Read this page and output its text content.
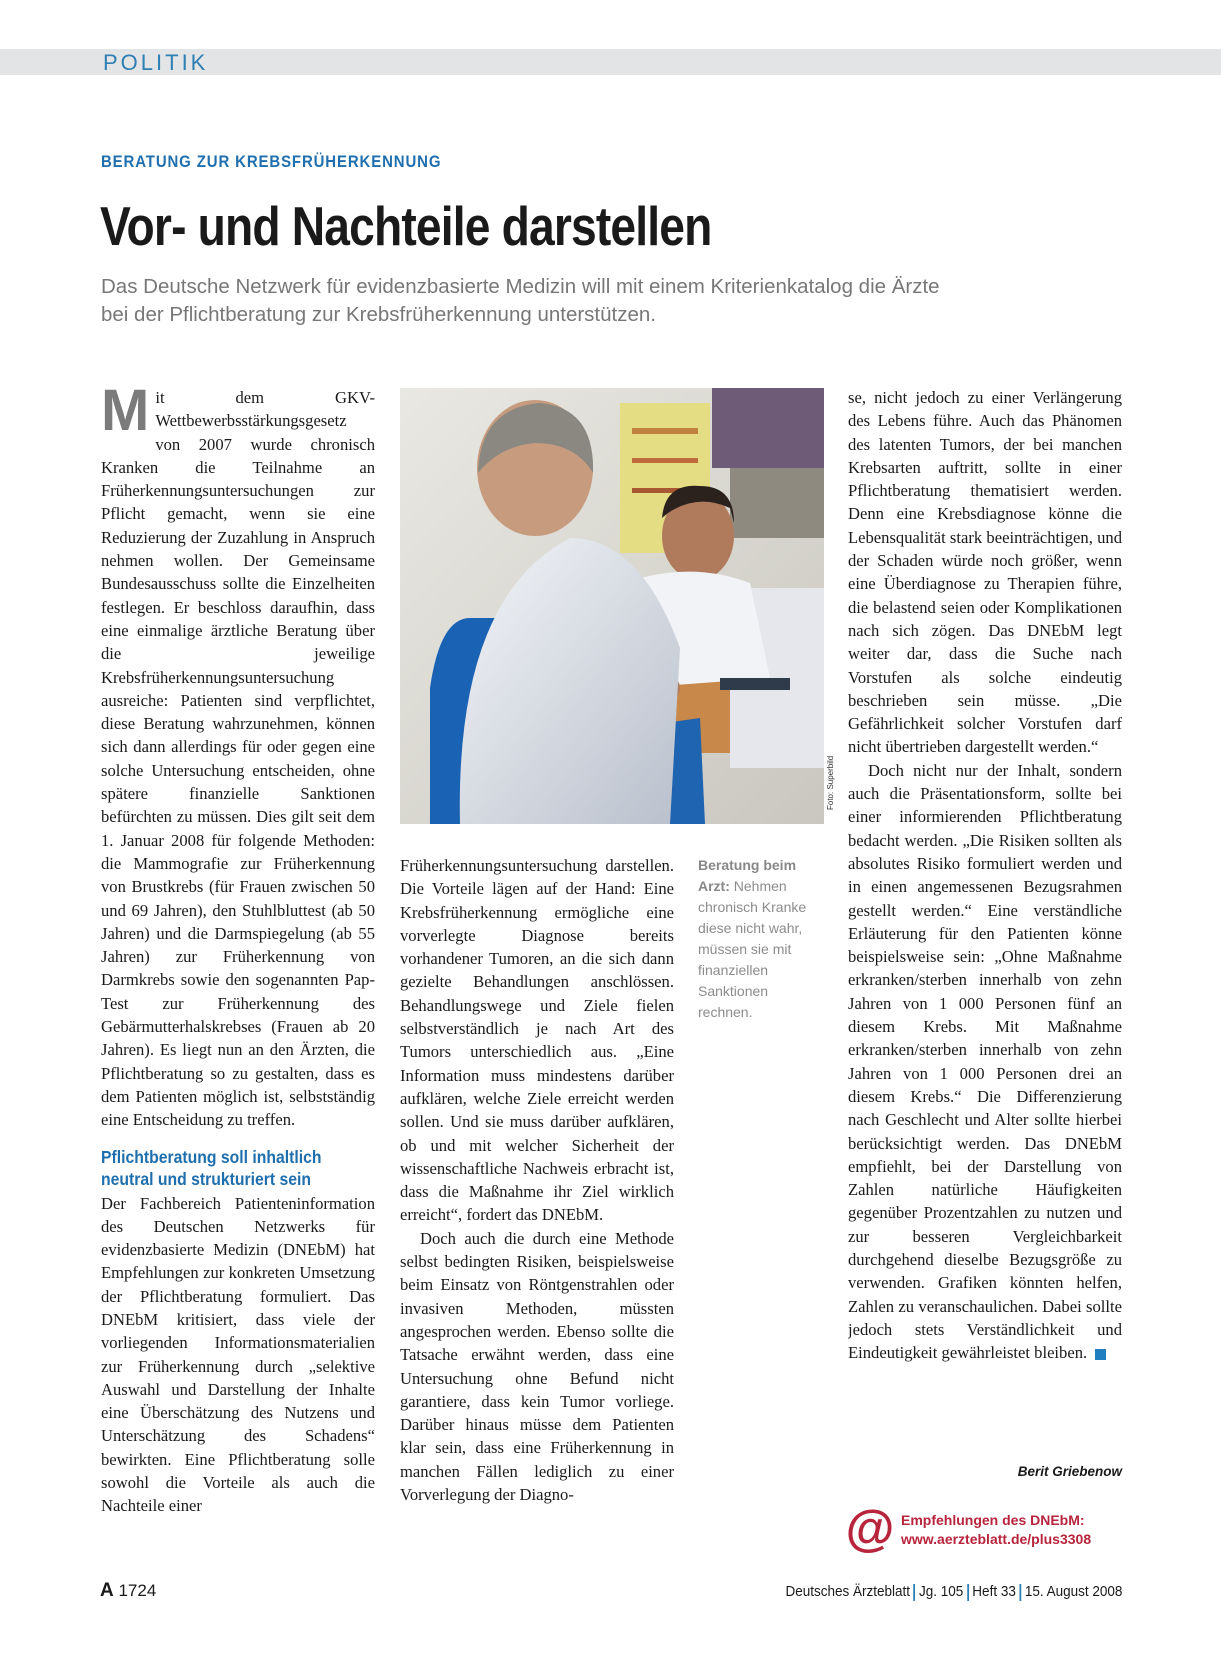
POLITIK
BERATUNG ZUR KREBSFRÜHERKENNUNG
Vor- und Nachteile darstellen
Das Deutsche Netzwerk für evidenzbasierte Medizin will mit einem Kriterienkatalog die Ärzte bei der Pflichtberatung zur Krebsfrüherkennung unterstützen.
M it dem GKV-Wettbewerbsstärkungsgesetz von 2007 wurde chronisch Kranken die Teilnahme an Früherkennungsuntersuchungen zur Pflicht gemacht, wenn sie eine Reduzierung der Zuzahlung in Anspruch nehmen wollen. Der Gemeinsame Bundesausschuss sollte die Einzelheiten festlegen. Er beschloss daraufhin, dass eine einmalige ärztliche Beratung über die jeweilige Krebsfrüherkennungsuntersuchung ausreiche: Patienten sind verpflichtet, diese Beratung wahrzunehmen, können sich dann allerdings für oder gegen eine solche Untersuchung entscheiden, ohne spätere finanzielle Sanktionen befürchten zu müssen. Dies gilt seit dem 1. Januar 2008 für folgende Methoden: die Mammografie zur Früherkennung von Brustkrebs (für Frauen zwischen 50 und 69 Jahren), den Stuhlbluttest (ab 50 Jahren) und die Darmspiegelung (ab 55 Jahren) zur Früherkennung von Darmkrebs sowie den sogenannten Pap-Test zur Früherkennung des Gebärmutterhalskrebses (Frauen ab 20 Jahren). Es liegt nun an den Ärzten, die Pflichtberatung so zu gestalten, dass es dem Patienten möglich ist, selbstständig eine Entscheidung zu treffen.

Pflichtberatung soll inhaltlich neutral und strukturiert sein

Der Fachbereich Patienteninformation des Deutschen Netzwerks für evidenzbasierte Medizin (DNEbM) hat Empfehlungen zur konkreten Umsetzung der Pflichtberatung formuliert. Das DNEbM kritisiert, dass viele der vorliegenden Informationsmaterialien zur Früherkennung durch „selektive Auswahl und Darstellung der Inhalte eine Überschätzung des Nutzens und Unterschätzung des Schadens“ bewirkten. Eine Pflichtberatung solle sowohl die Vorteile als auch die Nachteile einer

Foto: Superbild
Beratung beim Arzt: Nehmen chronisch Kranke diese nicht wahr, müssen sie mit finanziellen Sanktionen rechnen.

Früherkennungsuntersuchung darstellen. Die Vorteile lägen auf der Hand: Eine Krebsfrüherkennung ermögliche eine vorverlegte Diagnose bereits vorhandener Tumoren, an die sich dann gezielte Behandlungen anschlössen. Behandlungswege und Ziele fielen selbstverständlich je nach Art des Tumors unterschiedlich aus. „Eine Information muss mindestens darüber aufklären, welche Ziele erreicht werden sollen. Und sie muss darüber aufklären, ob und mit welcher Sicherheit der wissenschaftliche Nachweis erbracht ist, dass die Maßnahme ihr Ziel wirklich erreicht“, fordert das DNEbM.

Doch auch die durch eine Methode selbst bedingten Risiken, beispielsweise beim Einsatz von Röntgenstrahlen oder invasiven Methoden, müssten angesprochen werden. Ebenso sollte die Tatsache erwähnt werden, dass eine Untersuchung ohne Befund nicht garantiere, dass kein Tumor vorliege. Darüber hinaus müsse dem Patienten klar sein, dass eine Früherkennung in manchen Fällen lediglich zu einer Vorverlegung der Diagno-

se, nicht jedoch zu einer Verlängerung des Lebens führe. Auch das Phänomen des latenten Tumors, der bei manchen Krebsarten auftritt, sollte in einer Pflichtberatung thematisiert werden. Denn eine Krebsdiagnose könne die Lebensqualität stark beeinträchtigen, und der Schaden würde noch größer, wenn eine Überdiagnose zu Therapien führe, die belastend seien oder Komplikationen nach sich zögen. Das DNEbM legt weiter dar, dass die Suche nach Vorstufen als solche eindeutig beschrieben sein müsse. „Die Gefährlichkeit solcher Vorstufen darf nicht übertrieben dargestellt werden.“

Doch nicht nur der Inhalt, sondern auch die Präsentationsform, sollte bei einer informierenden Pflichtberatung bedacht werden. „Die Risiken sollten als absolutes Risiko formuliert werden und in einen angemessenen Bezugsrahmen gestellt werden.“ Eine verständliche Erläuterung für den Patienten könne beispielsweise sein: „Ohne Maßnahme erkranken/sterben innerhalb von zehn Jahren von 1 000 Personen fünf an diesem Krebs. Mit Maßnahme erkranken/sterben innerhalb von zehn Jahren von 1 000 Personen drei an diesem Krebs.“ Die Differenzierung nach Geschlecht und Alter sollte hierbei berücksichtigt werden. Das DNEbM empfiehlt, bei der Darstellung von Zahlen natürliche Häufigkeiten gegenüber Prozentzahlen zu nutzen und zur besseren Vergleichbarkeit durchgehend dieselbe Bezugsgröße zu verwenden. Grafiken könnten helfen, Zahlen zu veranschaulichen. Dabei sollte jedoch stets Verständlichkeit und Eindeutigkeit gewährleistet bleiben.

Berit Griebenow
@ Empfehlungen des DNEbM:
www.aerzteblatt.de/plus3308
A 1724	Deutsches Ärzteblatt Jg. 105 Heft 33 15. August 2008
